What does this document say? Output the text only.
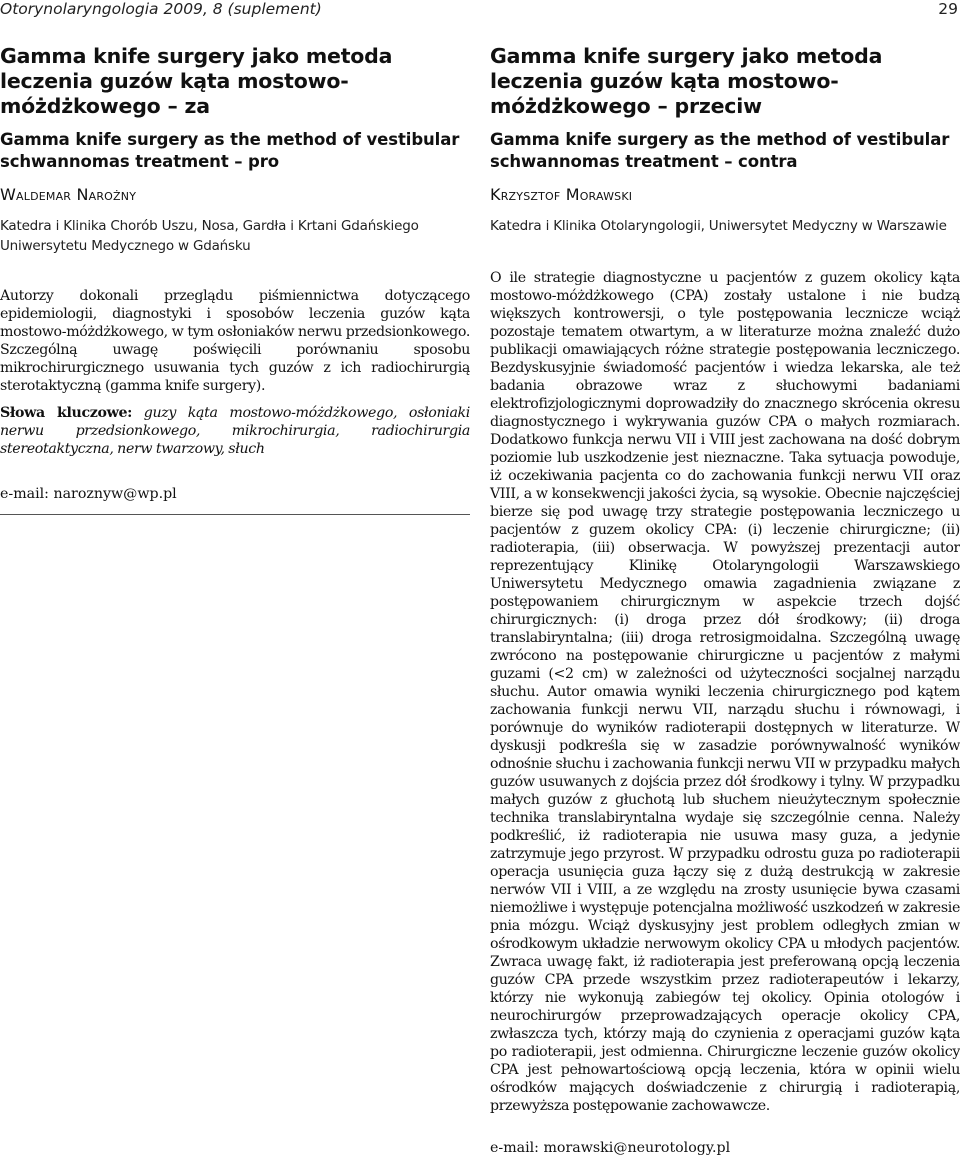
Otorynolaryngologia 2009, 8 (suplement)	29
Gamma knife surgery jako metoda leczenia guzów kąta mostowo-móżdżkowego – za
Gamma knife surgery as the method of vestibular schwannomas treatment – pro
Waldemar Narożny
Katedra i Klinika Chorób Uszu, Nosa, Gardła i Krtani Gdańskiego Uniwersytetu Medycznego w Gdańsku

Autorzy dokonali przeglądu piśmiennictwa dotyczącego epidemiologii, diagnostyki i sposobów leczenia guzów kąta mostowo-móżdżkowego, w tym osłoniaków nerwu przedsionkowego. Szczególną uwagę poświęcili porównaniu sposobu mikrochirurgicznego usuwania tych guzów z ich radiochirurgią sterotaktyczną (gamma knife surgery).

Słowa kluczowe: guzy kąta mostowo-móżdżkowego, osłoniaki nerwu przedsionkowego, mikrochirurgia, radiochirurgia stereotaktyczna, nerw twarzowy, słuch

e-mail: naroznyw@wp.pl
Gamma knife surgery jako metoda leczenia guzów kąta mostowo-móżdżkowego – przeciw
Gamma knife surgery as the method of vestibular schwannomas treatment – contra
Krzysztof Morawski
Katedra i Klinika Otolaryngologii, Uniwersytet Medyczny w Warszawie

O ile strategie diagnostyczne u pacjentów z guzem okolicy kąta mostowo-móżdżkowego (CPA) zostały ustalone i nie budzą większych kontrowersji, o tyle postępowania lecznicze wciąż pozostaje tematem otwartym, a w literaturze można znaleźć dużo publikacji omawiających różne strategie postępowania leczniczego. Bezdyskusyjnie świadomość pacjentów i wiedza lekarska, ale też badania obrazowe wraz z słuchowymi badaniami elektrofizjologicznymi doprowadziły do znacznego skrócenia okresu diagnostycznego i wykrywania guzów CPA o małych rozmiarach. Dodatkowo funkcja nerwu VII i VIII jest zachowana na dość dobrym poziomie lub uszkodzenie jest nieznaczne. Taka sytuacja powoduje, iż oczekiwania pacjenta co do zachowania funkcji nerwu VII oraz VIII, a w konsekwencji jakości życia, są wysokie. Obecnie najczęściej bierze się pod uwagę trzy strategie postępowania leczniczego u pacjentów z guzem okolicy CPA: (i) leczenie chirurgiczne; (ii) radioterapia, (iii) obserwacja. W powyższej prezentacji autor reprezentujący Klinikę Otolaryngologii Warszawskiego Uniwersytetu Medycznego omawia zagadnienia związane z postępowaniem chirurgicznym w aspekcie trzech dojść chirurgicznych: (i) droga przez dół środkowy; (ii) droga translabiryntalna; (iii) droga retrosigmoidalna. Szczególną uwagę zwrócono na postępowanie chirurgiczne u pacjentów z małymi guzami (<2 cm) w zależności od użyteczności socjalnej narządu słuchu. Autor omawia wyniki leczenia chirurgicznego pod kątem zachowania funkcji nerwu VII, narządu słuchu i równowagi, i porównuje do wyników radioterapii dostępnych w literaturze. W dyskusji podkreśla się w zasadzie porównywalność wyników odnośnie słuchu i zachowania funkcji nerwu VII w przypadku małych guzów usuwanych z dojścia przez dół środkowy i tylny. W przypadku małych guzów z głuchotą lub słuchem nieużytecznym społecznie technika translabiryntalna wydaje się szczególnie cenna. Należy podkreślić, iż radioterapia nie usuwa masy guza, a jedynie zatrzymuje jego przyrost. W przypadku odrostu guza po radioterapii operacja usunięcia guza łączy się z dużą destrukcją w zakresie nerwów VII i VIII, a ze względu na zrosty usunięcie bywa czasami niemożliwe i występuje potencjalna możliwość uszkodzeń w zakresie pnia mózgu. Wciąż dyskusyjny jest problem odległych zmian w ośrodkowym układzie nerwowym okolicy CPA u młodych pacjentów. Zwraca uwagę fakt, iż radioterapia jest preferowaną opcją leczenia guzów CPA przede wszystkim przez radioterapeutów i lekarzy, którzy nie wykonują zabiegów tej okolicy. Opinia otologów i neurochirurgów przeprowadzających operacje okolicy CPA, zwłaszcza tych, którzy mają do czynienia z operacjami guzów kąta po radioterapii, jest odmienna. Chirurgiczne leczenie guzów okolicy CPA jest pełnowartościową opcją leczenia, która w opinii wielu ośrodków mających doświadczenie z chirurgią i radioterapią, przewyższa postępowanie zachowawcze.

e-mail: morawski@neurotology.pl
